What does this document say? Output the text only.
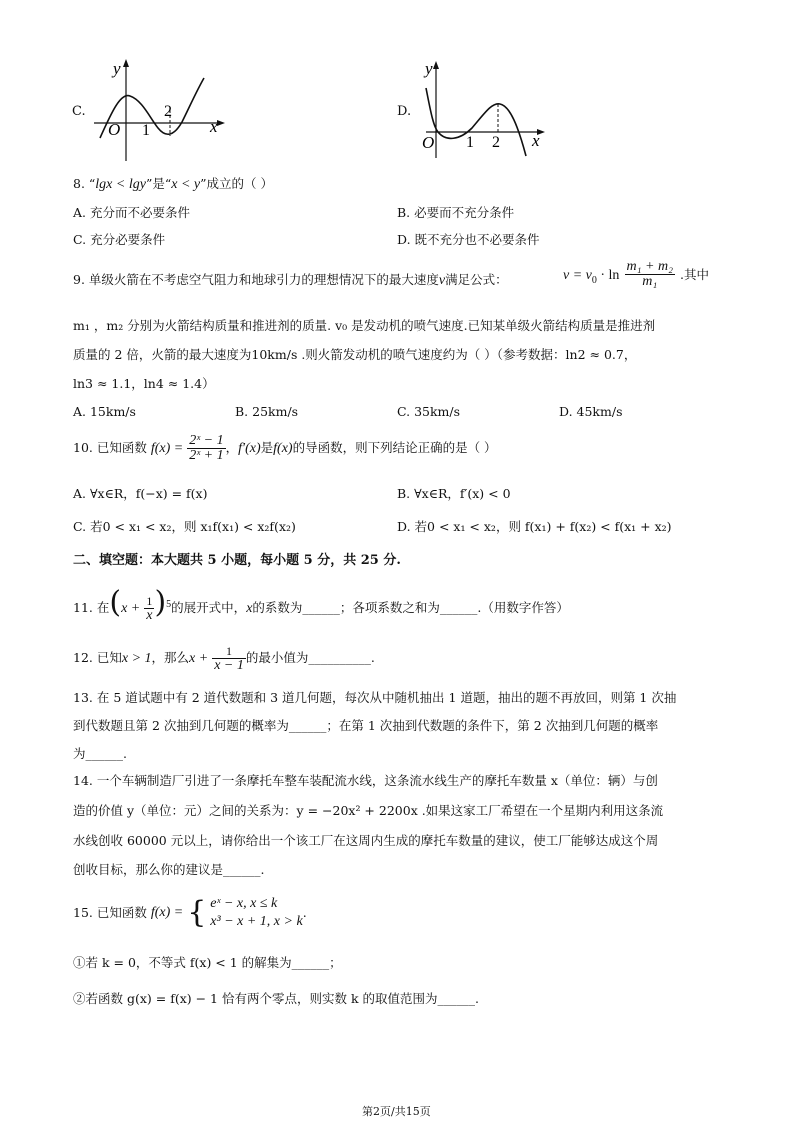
C.
y
x
O 1
2	D.
y
x
O 1 2
8. “lgx < lgy”是“x < y”成立的（ ）
A. 充分而不必要条件	B. 必要而不充分条件
C. 充分必要条件	D. 既不充分也不必要条件
9. 单级火箭在不考虑空气阻力和地球引力的理想情况下的最大速度v满足公式：	$v = v_0 \cdot \ln \frac{\text{m₁ + m₂}}{\text{m₁}}$ .其中
m₁ ，m₂ 分别为火箭结构质量和推进剂的质量. v₀ 是发动机的喷气速度.已知某单级火箭结构质量是推进剂
质量的 2 倍，火箭的最大速度为10km/s .则火箭发动机的喷气速度约为（ ）（参考数据：ln2 ≈ 0.7，
ln3 ≈ 1.1，ln4 ≈ 1.4）
A. 15km/s	B. 25km/s	C. 35km/s	D. 45km/s
10. 已知函数 $f(x) = \frac{\text{2ˣ − 1}}{\text{2ˣ + 1}}$ ，f′(x)是f(x)的导函数，则下列结论正确的是（ ）
A. ∀x∈R，f(−x) = f(x)	B. ∀x∈R，f′(x) < 0
C. 若0 < x₁ < x₂，则 x₁f(x₁) < x₂f(x₂)	D. 若0 < x₁ < x₂，则 f(x₁) + f(x₂) < f(x₁ + x₂)
二、填空题：本大题共 5 小题，每小题 5 分，共 25 分.
11. 在$(x + \frac{1}{x} )^5$的展开式中，x的系数为______；各项系数之和为______.（用数字作答）
12. 已知x > 1，那么$x + \frac{1}{x - 1}$ 的最小值为__________.
13. 在 5 道试题中有 2 道代数题和 3 道几何题，每次从中随机抽出 1 道题，抽出的题不再放回，则第 1 次抽
到代数题且第 2 次抽到几何题的概率为______；在第 1 次抽到代数题的条件下，第 2 次抽到几何题的概率
为______.
14. 一个车辆制造厂引进了一条摩托车整车装配流水线，这条流水线生产的摩托车数量 x（单位：辆）与创
造的价值 y（单位：元）之间的关系为：y = −20x² + 2200x .如果这家工厂希望在一个星期内利用这条流
水线创收 60000 元以上，请你给出一个该工厂在这周内生成的摩托车数量的建议，使工厂能够达成这个周
创收目标，那么你的建议是______.
15. 已知函数 f(x) = { eˣ − x, x ≤ k
x³ − x + 1, x > k
.
①若 k = 0，不等式 f(x) < 1 的解集为______；
②若函数 g(x) = f(x) − 1 恰有两个零点，则实数 k 的取值范围为______.
第2页/共15页
